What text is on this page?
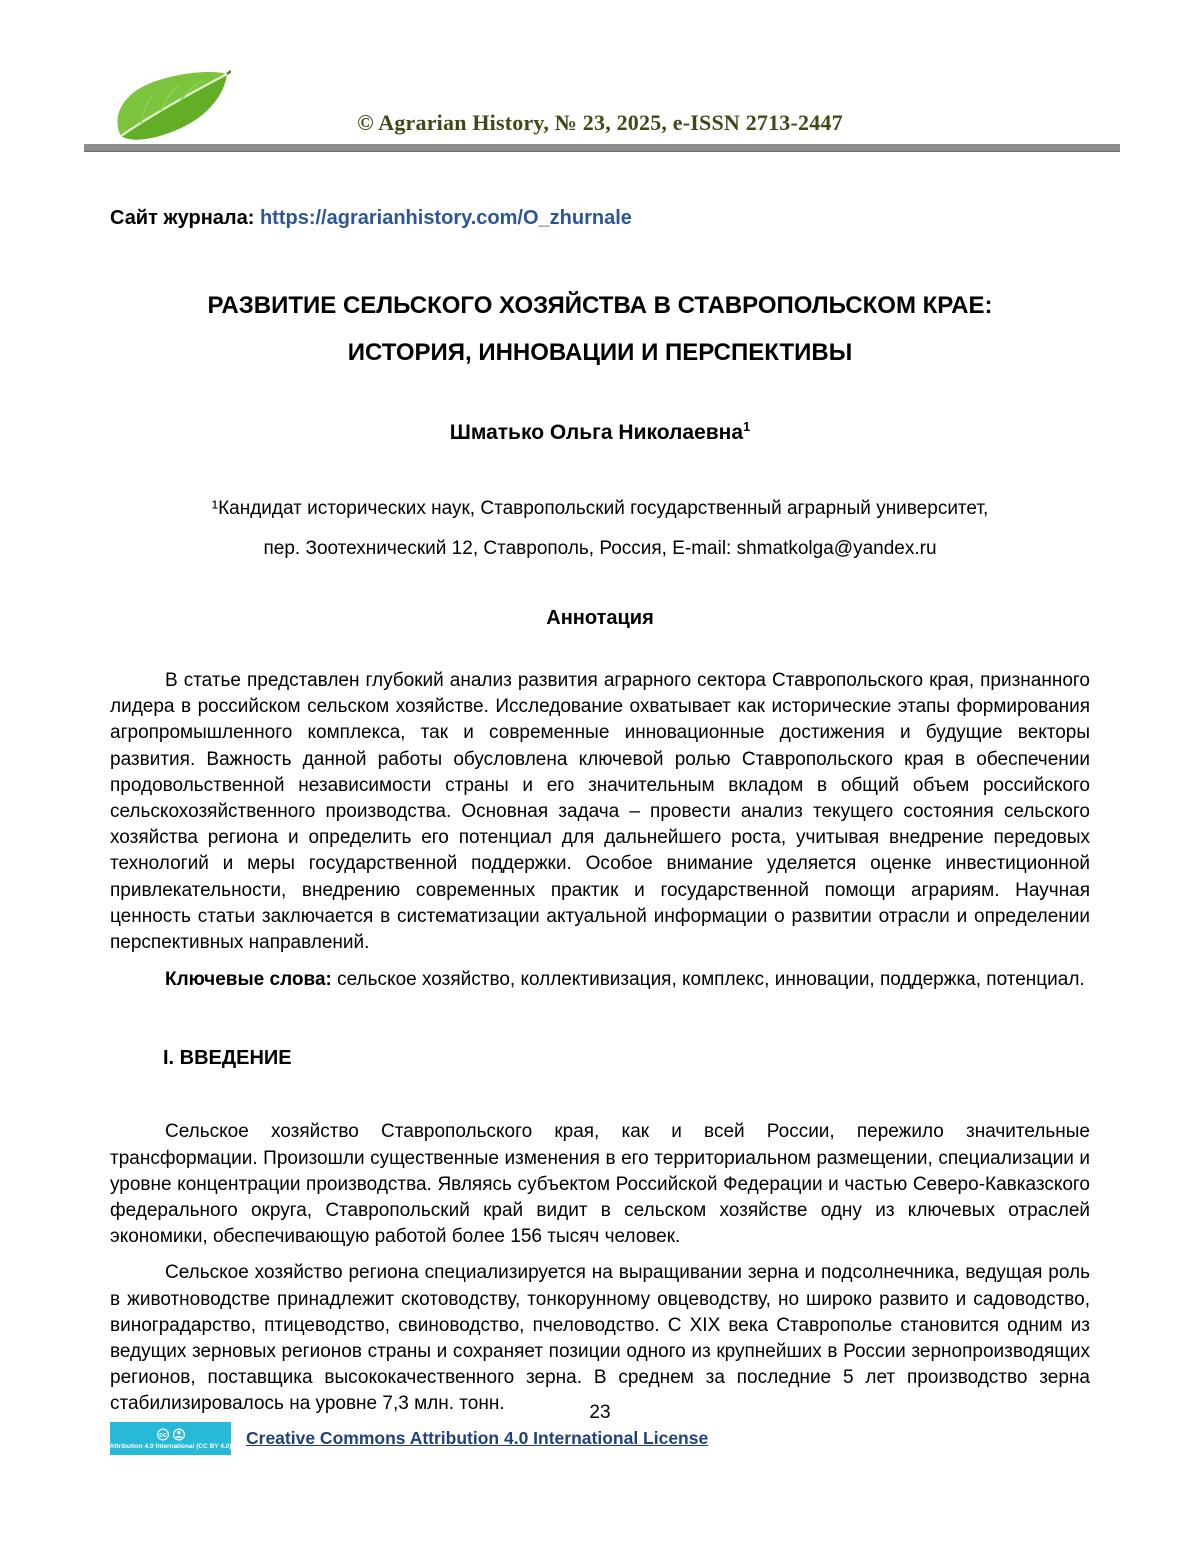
© Agrarian History, № 23, 2025, e-ISSN 2713-2447

Сайт журнала: https://agrarianhistory.com/O_zhurnale

РАЗВИТИЕ СЕЛЬСКОГО ХОЗЯЙСТВА В СТАВРОПОЛЬСКОМ КРАЕ:
ИСТОРИЯ, ИННОВАЦИИ И ПЕРСПЕКТИВЫ

Шматько Ольга Николаевна$^1$

¹Кандидат исторических наук, Ставропольский государственный аграрный университет,
пер. Зоотехнический 12, Ставрополь, Россия, E-mail: shmatkolga@yandex.ru

Аннотация

В статье представлен глубокий анализ развития аграрного сектора Ставропольского края, признанного лидера в российском сельском хозяйстве. Исследование охватывает как исторические этапы формирования агропромышленного комплекса, так и современные инновационные достижения и будущие векторы развития. Важность данной работы обусловлена ключевой ролью Ставропольского края в обеспечении продовольственной независимости страны и его значительным вкладом в общий объем российского сельскохозяйственного производства. Основная задача – провести анализ текущего состояния сельского хозяйства региона и определить его потенциал для дальнейшего роста, учитывая внедрение передовых технологий и меры государственной поддержки. Особое внимание уделяется оценке инвестиционной привлекательности, внедрению современных практик и государственной помощи аграриям. Научная ценность статьи заключается в систематизации актуальной информации о развитии отрасли и определении перспективных направлений.

Ключевые слова: сельское хозяйство, коллективизация, комплекс, инновации, поддержка, потенциал.

I. ВВЕДЕНИЕ

Сельское хозяйство Ставропольского края, как и всей России, пережило значительные трансформации. Произошли существенные изменения в его территориальном размещении, специализации и уровне концентрации производства. Являясь субъектом Российской Федерации и частью Северо-Кавказского федерального округа, Ставропольский край видит в сельском хозяйстве одну из ключевых отраслей экономики, обеспечивающую работой более 156 тысяч человек.

Сельское хозяйство региона специализируется на выращивании зерна и подсолнечника, ведущая роль в животноводстве принадлежит скотоводству, тонкорунному овцеводству, но широко развито и садоводство, виноградарство, птицеводство, свиноводство, пчеловодство. С XIX века Ставрополье становится одним из ведущих зерновых регионов страны и сохраняет позиции одного из крупнейших в России зернопроизводящих регионов, поставщика высококачественного зерна. В среднем за последние 5 лет производство зерна стабилизировалось на уровне 7,3 млн. тонн.	23
cc
Attribution 4.0 International (CC BY 4.0) Creative Commons Attribution 4.0 International License
